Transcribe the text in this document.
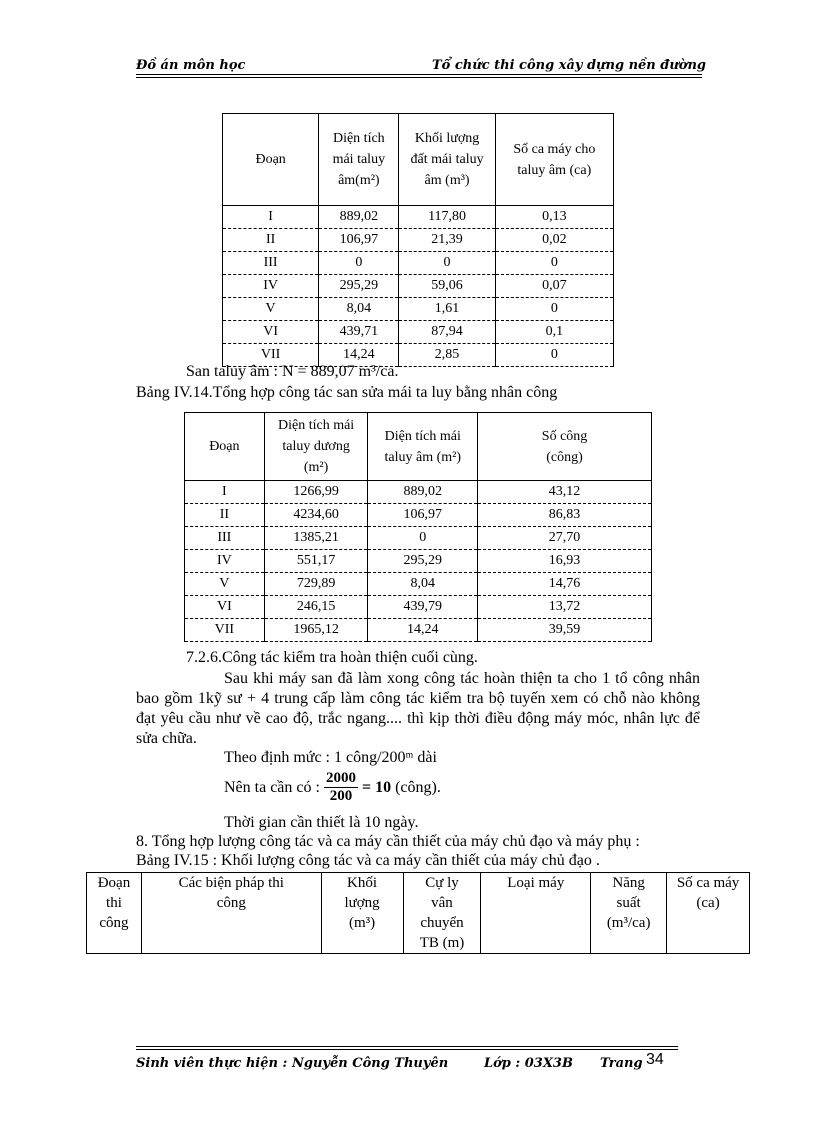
Đồ án môn học	Tổ chức thi công xây dựng nền đường
Đoạn	Diện tích mái taluy âm(m²)	Khối lượng đất mái taluy âm (m³)	Số ca máy cho taluy âm (ca)
I	889,02	117,80	0,13
II	106,97	21,39	0,02
III	0	0	0
IV	295,29	59,06	0,07
V	8,04	1,61	0
VI	439,71	87,94	0,1
VII	14,24	2,85	0
San taluy âm : N = 889,07 m³/ca.
Bảng IV.14.Tổng hợp công tác san sửa mái ta luy bằng nhân công
Đoạn	Diện tích mái taluy dương (m²)	Diện tích mái taluy âm (m²)	Số công (công)
I	1266,99	889,02	43,12
II	4234,60	106,97	86,83
III	1385,21	0	27,70
IV	551,17	295,29	16,93
V	729,89	8,04	14,76
VI	246,15	439,79	13,72
VII	1965,12	14,24	39,59
7.2.6.Công tác kiểm tra hoàn thiện cuối cùng.
Sau khi máy san đã làm xong công tác hoàn thiện ta cho 1 tổ công nhân bao gồm 1kỹ sư + 4 trung cấp làm công tác kiểm tra bộ tuyến xem có chỗ nào không đạt yêu cầu như về cao độ, trắc ngang.... thì kịp thời điều động máy móc, nhân lực để sửa chữa.
Theo định mức : 1 công/200ᵐ dài
Nên ta cần có : $\frac{2000}{200} = 10$ (công).
Thời gian cần thiết là 10 ngày.
8. Tổng hợp lượng công tác và ca máy cần thiết của máy chủ đạo và máy phụ :
Bảng IV.15 : Khối lượng công tác và ca máy cần thiết của máy chủ đạo .
Đoạn thi công	Các biện pháp thi công	Khối lượng (m³)	Cự ly vân chuyển TB (m)	Loại máy	Năng suất (m³/ca)	Số ca máy (ca)
Sinh viên thực hiện : Nguyễn Công Thuyên	Lớp : 03X3B Trang 34
